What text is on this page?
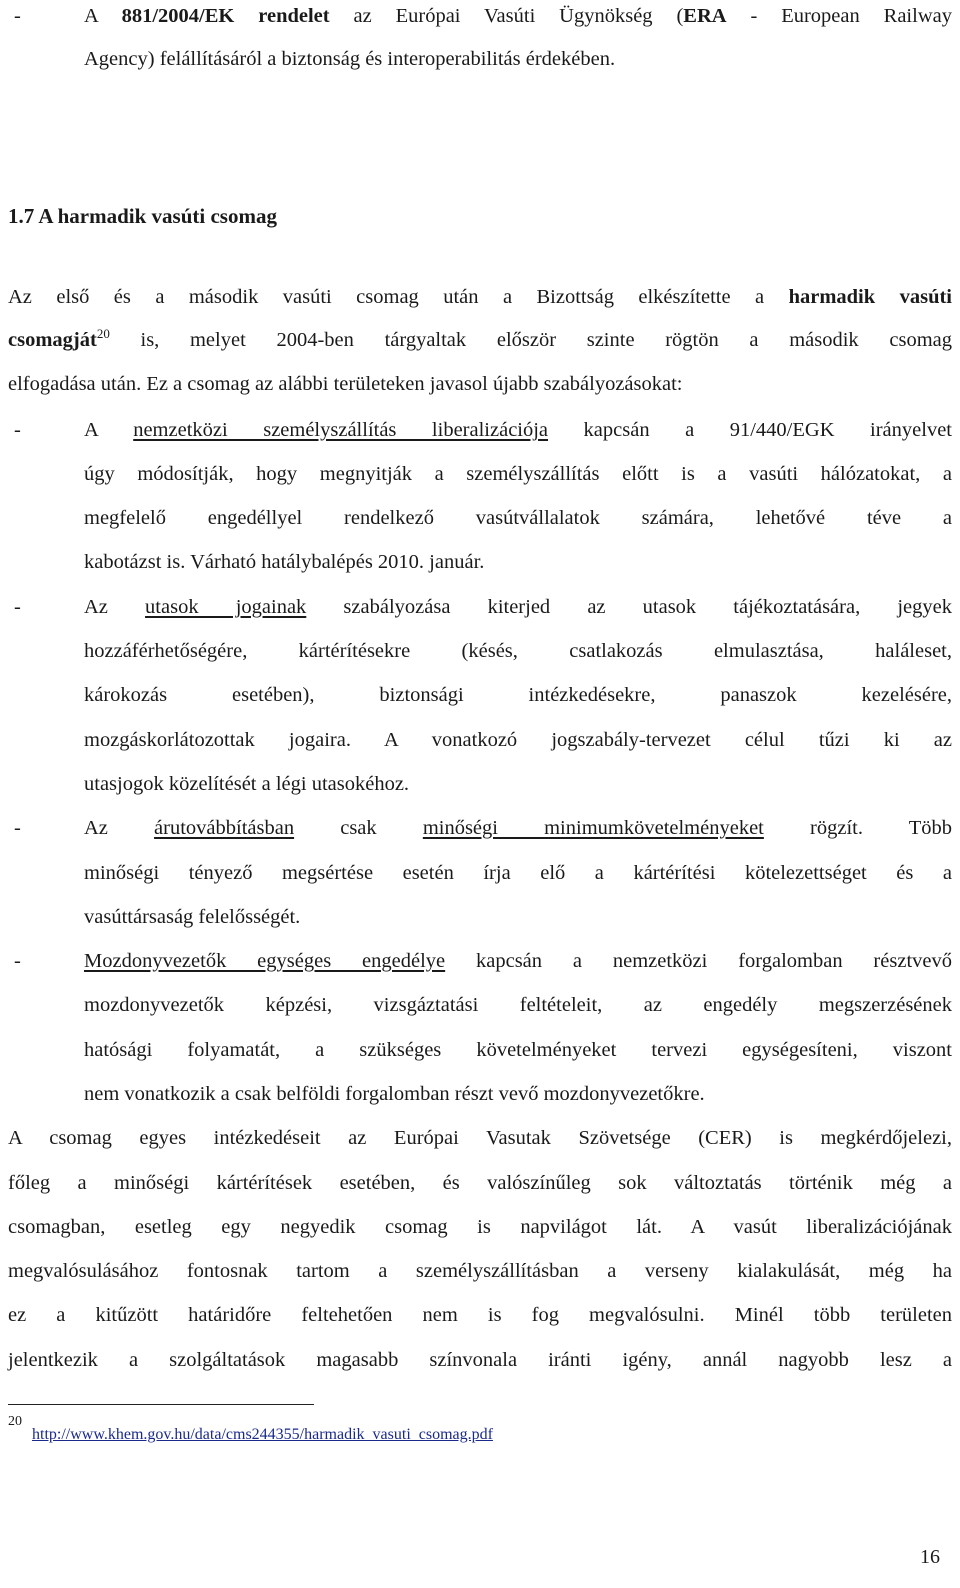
-	A 881/2004/EK rendelet az Európai Vasúti Ügynökség (ERA - European Railway
Agency) felállításáról a biztonság és interoperabilitás érdekében.
1.7 A harmadik vasúti csomag
Az első és a második vasúti csomag után a Bizottság elkészítette a harmadik vasúti
csomagját$^{20}$ is, melyet 2004-ben tárgyaltak először szinte rögtön a második csomag
elfogadása után. Ez a csomag az alábbi területeken javasol újabb szabályozásokat:
-	A nemzetközi személyszállítás liberalizációja kapcsán a 91/440/EGK irányelvet
úgy módosítják, hogy megnyitják a személyszállítás előtt is a vasúti hálózatokat, a
megfelelő engedéllyel rendelkező vasútvállalatok számára, lehetővé téve a
kabotázst is. Várható hatálybalépés 2010. január.
-	Az utasok jogainak szabályozása kiterjed az utasok tájékoztatására, jegyek
hozzáférhetőségére, kártérítésekre (késés, csatlakozás elmulasztása, haláleset,
károkozás esetében), biztonsági intézkedésekre, panaszok kezelésére,
mozgáskorlátozottak jogaira. A vonatkozó jogszabály-tervezet célul tűzi ki az
utasjogok közelítését a légi utasokéhoz.
-	Az árutovábbításban csak minőségi minimumkövetelményeket rögzít. Több
minőségi tényező megsértése esetén írja elő a kártérítési kötelezettséget és a
vasúttársaság felelősségét.
-	Mozdonyvezetők egységes engedélye kapcsán a nemzetközi forgalomban résztvevő
mozdonyvezetők képzési, vizsgáztatási feltételeit, az engedély megszerzésének
hatósági folyamatát, a szükséges követelményeket tervezi egységesíteni, viszont
nem vonatkozik a csak belföldi forgalomban részt vevő mozdonyvezetőkre.
A csomag egyes intézkedéseit az Európai Vasutak Szövetsége (CER) is megkérdőjelezi,
főleg a minőségi kártérítések esetében, és valószínűleg sok változtatás történik még a
csomagban, esetleg egy negyedik csomag is napvilágot lát. A vasút liberalizációjának
megvalósulásához fontosnak tartom a személyszállításban a verseny kialakulását, még ha
ez a kitűzött határidőre feltehetően nem is fog megvalósulni. Minél több területen
jelentkezik a szolgáltatások magasabb színvonala iránti igény, annál nagyobb lesz a
20
http://www.khem.gov.hu/data/cms244355/harmadik_vasuti_csomag.pdf
16
